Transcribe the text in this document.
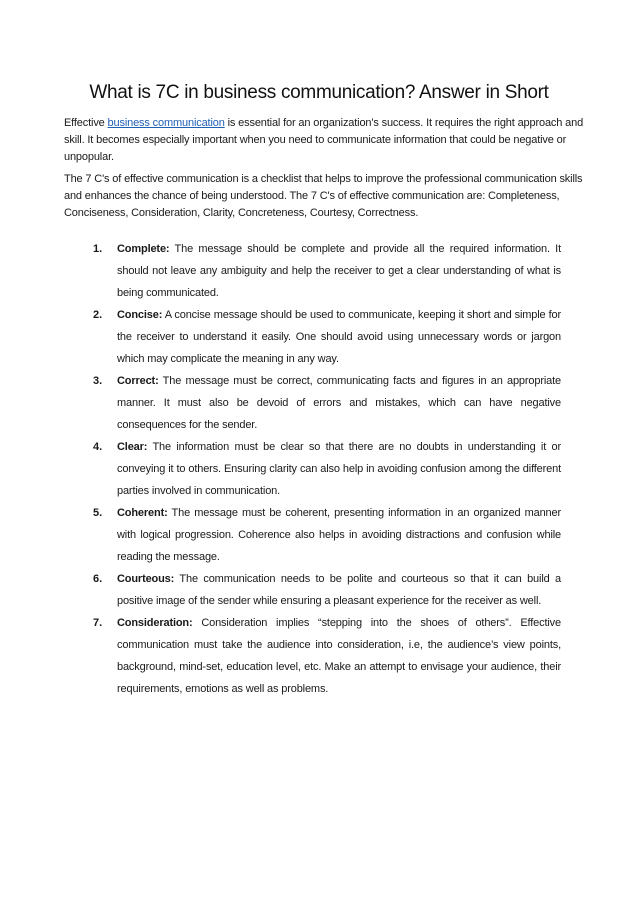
What is 7C in business communication? Answer in Short

Effective business communication is essential for an organization's success. It requires the right approach and skill. It becomes especially important when you need to communicate information that could be negative or unpopular.

The 7 C's of effective communication is a checklist that helps to improve the professional communication skills and enhances the chance of being understood. The 7 C's of effective communication are: Completeness, Conciseness, Consideration, Clarity, Concreteness, Courtesy, Correctness.

1.	Complete: The message should be complete and provide all the required information. It should not leave any ambiguity and help the receiver to get a clear understanding of what is being communicated.
2.	Concise: A concise message should be used to communicate, keeping it short and simple for the receiver to understand it easily. One should avoid using unnecessary words or jargon which may complicate the meaning in any way.
3.	Correct: The message must be correct, communicating facts and figures in an appropriate manner. It must also be devoid of errors and mistakes, which can have negative consequences for the sender.
4.	Clear: The information must be clear so that there are no doubts in understanding it or conveying it to others. Ensuring clarity can also help in avoiding confusion among the different parties involved in communication.
5.	Coherent: The message must be coherent, presenting information in an organized manner with logical progression. Coherence also helps in avoiding distractions and confusion while reading the message.
6.	Courteous: The communication needs to be polite and courteous so that it can build a positive image of the sender while ensuring a pleasant experience for the receiver as well.
7.	Consideration: Consideration implies “stepping into the shoes of others”. Effective communication must take the audience into consideration, i.e, the audience’s view points, background, mind-set, education level, etc. Make an attempt to envisage your audience, their requirements, emotions as well as problems.
